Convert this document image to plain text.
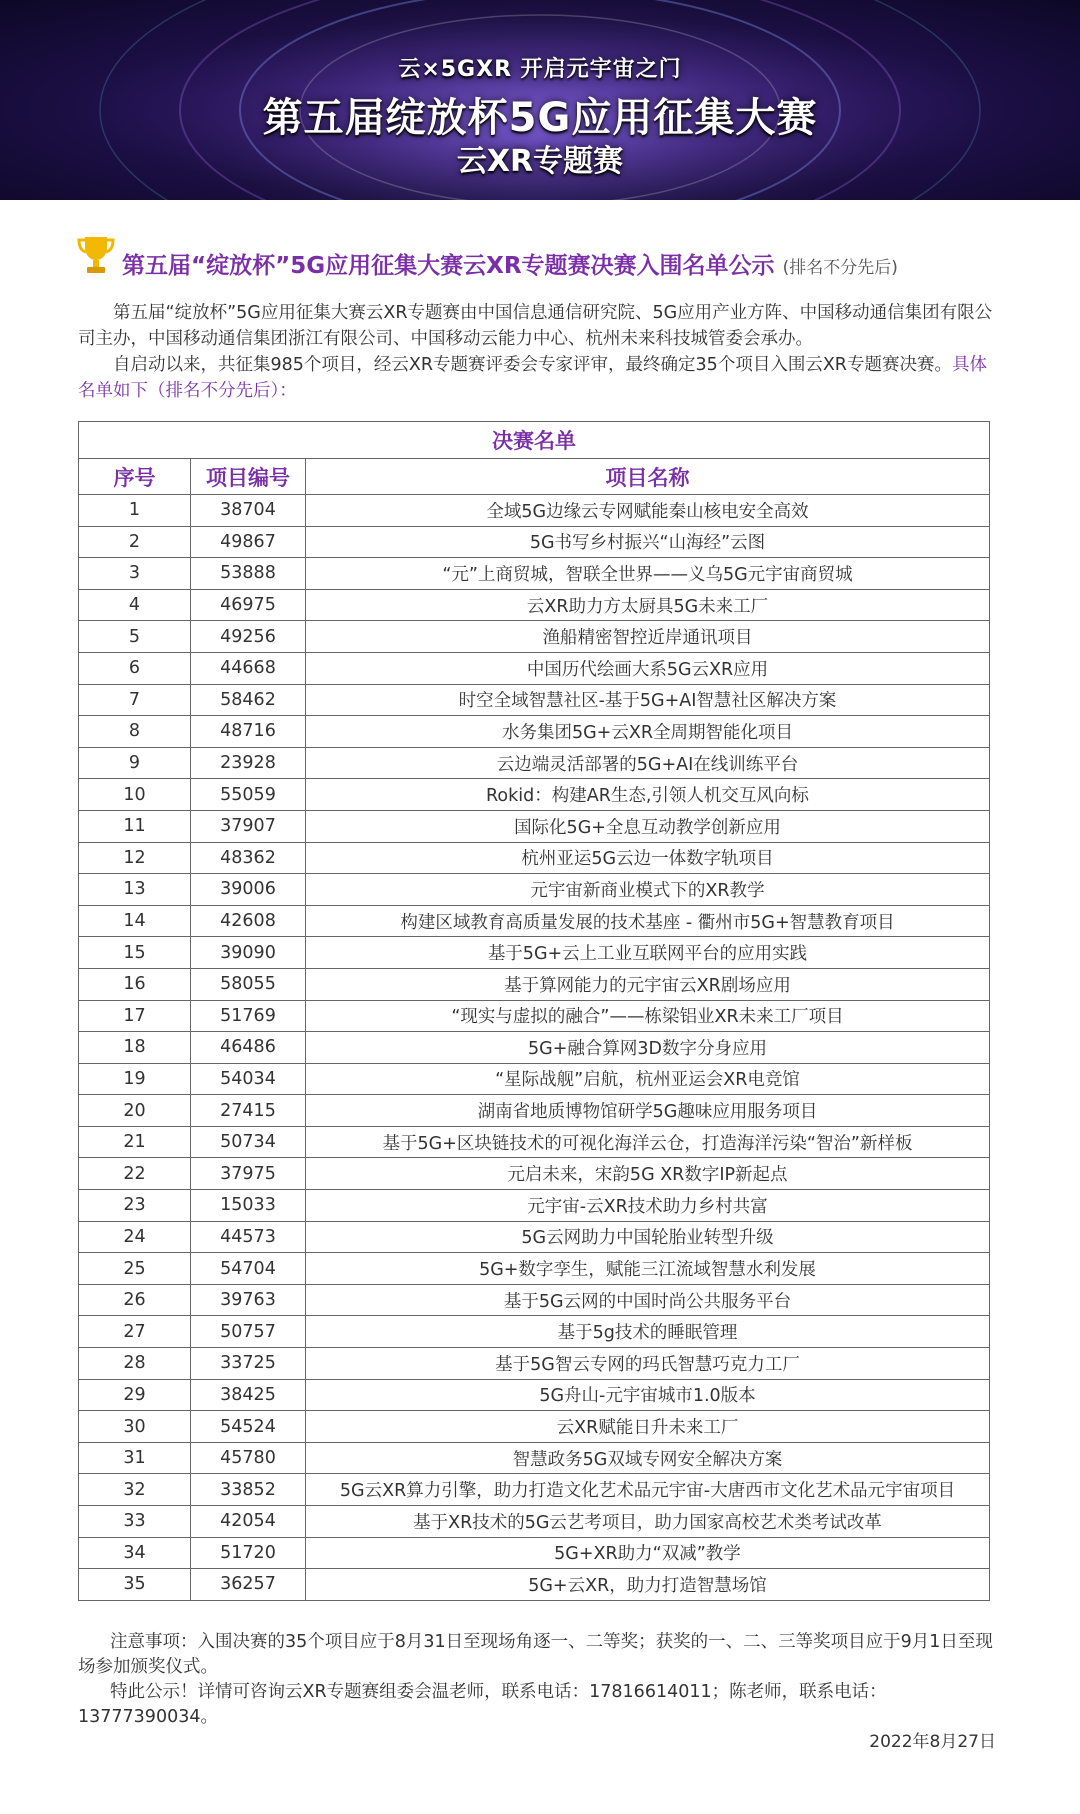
云×5GXR 开启元宇宙之门
第五届绽放杯5G应用征集大赛
云XR专题赛
第五届“绽放杯”5G应用征集大赛云XR专题赛决赛入围名单公示 (排名不分先后)

第五届“绽放杯”5G应用征集大赛云XR专题赛由中国信息通信研究院、5G应用产业方阵、中国移动通信集团有限公司主办，中国移动通信集团浙江有限公司、中国移动云能力中心、杭州未来科技城管委会承办。

自启动以来，共征集985个项目，经云XR专题赛评委会专家评审，最终确定35个项目入围云XR专题赛决赛。具体名单如下（排名不分先后）：

决赛名单		
序号	项目编号	项目名称
1	38704	全域5G边缘云专网赋能秦山核电安全高效
2	49867	5G书写乡村振兴“山海经”云图
3	53888	“元”上商贸城，智联全世界——义乌5G元宇宙商贸城
4	46975	云XR助力方太厨具5G未来工厂
5	49256	渔船精密智控近岸通讯项目
6	44668	中国历代绘画大系5G云XR应用
7	58462	时空全域智慧社区-基于5G+AI智慧社区解决方案
8	48716	水务集团5G+云XR全周期智能化项目
9	23928	云边端灵活部署的5G+AI在线训练平台
10	55059	Rokid：构建AR生态,引领人机交互风向标
11	37907	国际化5G+全息互动教学创新应用
12	48362	杭州亚运5G云边一体数字轨项目
13	39006	元宇宙新商业模式下的XR教学
14	42608	构建区域教育高质量发展的技术基座 - 衢州市5G+智慧教育项目
15	39090	基于5G+云上工业互联网平台的应用实践
16	58055	基于算网能力的元宇宙云XR剧场应用
17	51769	“现实与虚拟的融合”——栋梁铝业XR未来工厂项目
18	46486	5G+融合算网3D数字分身应用
19	54034	“星际战舰”启航，杭州亚运会XR电竞馆
20	27415	湖南省地质博物馆研学5G趣味应用服务项目
21	50734	基于5G+区块链技术的可视化海洋云仓，打造海洋污染“智治”新样板
22	37975	元启未来，宋韵5G XR数字IP新起点
23	15033	元宇宙-云XR技术助力乡村共富
24	44573	5G云网助力中国轮胎业转型升级
25	54704	5G+数字孪生，赋能三江流域智慧水利发展
26	39763	基于5G云网的中国时尚公共服务平台
27	50757	基于5g技术的睡眠管理
28	33725	基于5G智云专网的玛氏智慧巧克力工厂
29	38425	5G舟山-元宇宙城市1.0版本
30	54524	云XR赋能日升未来工厂
31	45780	智慧政务5G双域专网安全解决方案
32	33852	5G云XR算力引擎，助力打造文化艺术品元宇宙-大唐西市文化艺术品元宇宙项目
33	42054	基于XR技术的5G云艺考项目，助力国家高校艺术类考试改革
34	51720	5G+XR助力“双减”教学
35	36257	5G+云XR，助力打造智慧场馆

注意事项：入围决赛的35个项目应于8月31日至现场角逐一、二等奖；获奖的一、二、三等奖项目应于9月1日至现场参加颁奖仪式。

特此公示！详情可咨询云XR专题赛组委会温老师，联系电话：17816614011；陈老师，联系电话：13777390034。

2022年8月27日
